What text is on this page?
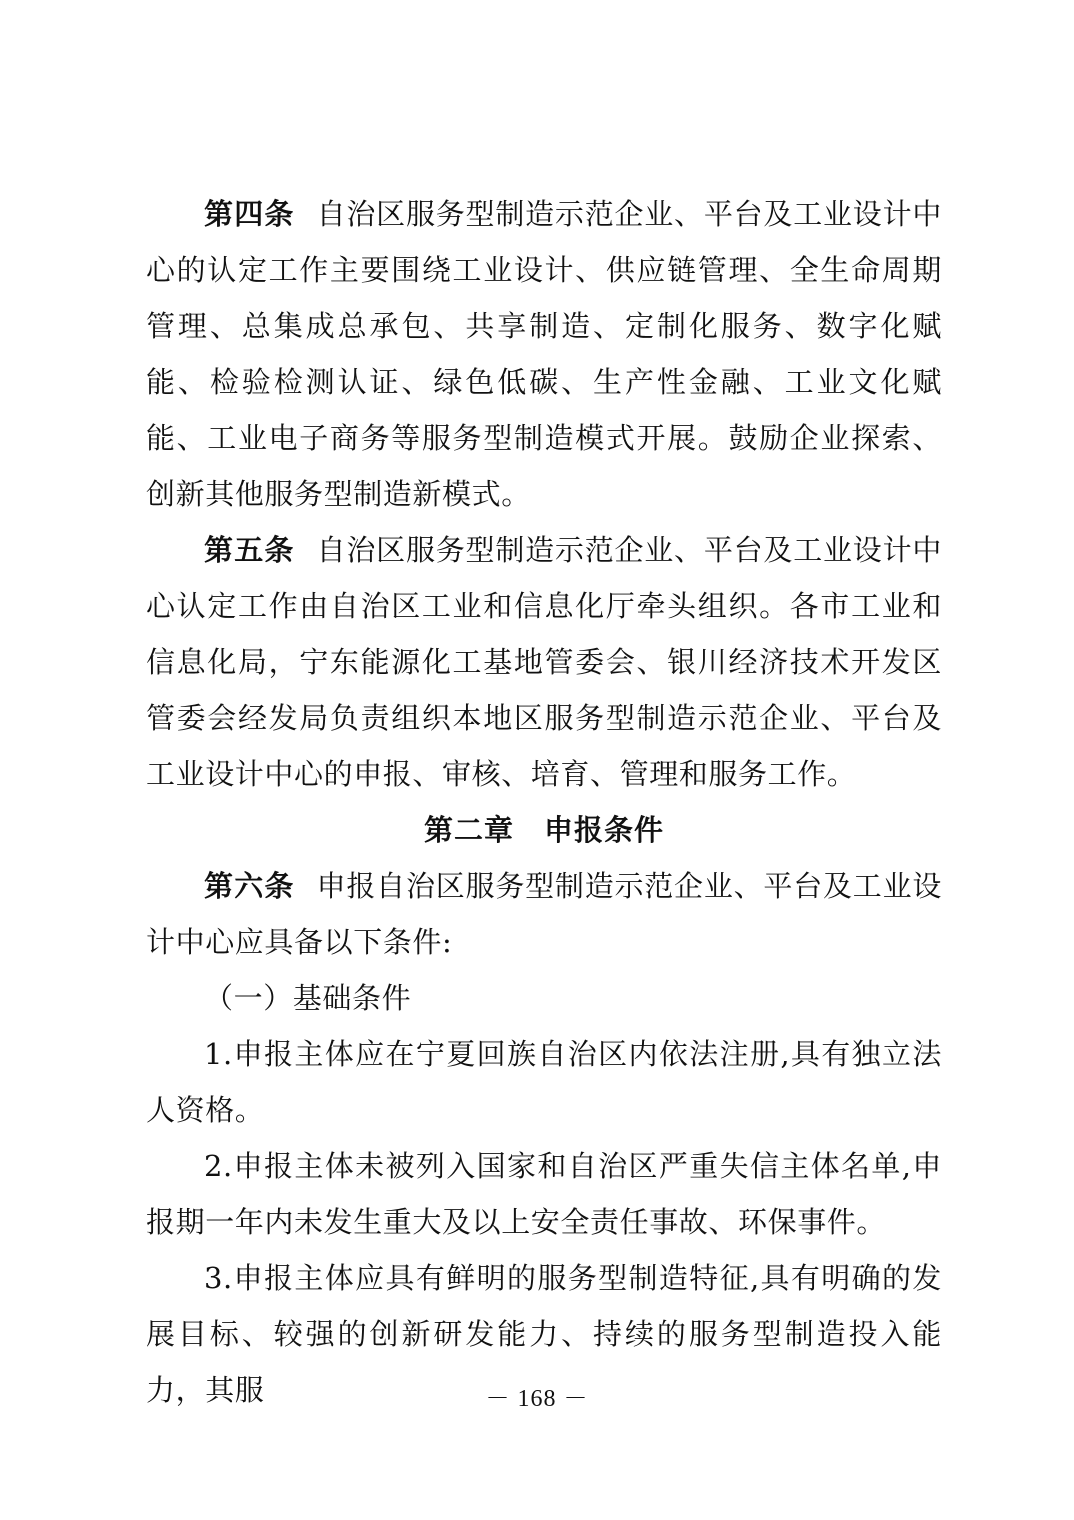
第四条 自治区服务型制造示范企业、平台及工业设计中心的认定工作主要围绕工业设计、供应链管理、全生命周期管理、总集成总承包、共享制造、定制化服务、数字化赋能、检验检测认证、绿色低碳、生产性金融、工业文化赋能、工业电子商务等服务型制造模式开展。鼓励企业探索、创新其他服务型制造新模式。

第五条 自治区服务型制造示范企业、平台及工业设计中心认定工作由自治区工业和信息化厅牵头组织。各市工业和信息化局，宁东能源化工基地管委会、银川经济技术开发区管委会经发局负责组织本地区服务型制造示范企业、平台及工业设计中心的申报、审核、培育、管理和服务工作。

第二章　申报条件

第六条 申报自治区服务型制造示范企业、平台及工业设计中心应具备以下条件:

（一）基础条件

1.申报主体应在宁夏回族自治区内依法注册,具有独立法人资格。

2.申报主体未被列入国家和自治区严重失信主体名单,申报期一年内未发生重大及以上安全责任事故、环保事件。

3.申报主体应具有鲜明的服务型制造特征,具有明确的发展目标、较强的创新研发能力、持续的服务型制造投入能力，其服	－ 168 －
